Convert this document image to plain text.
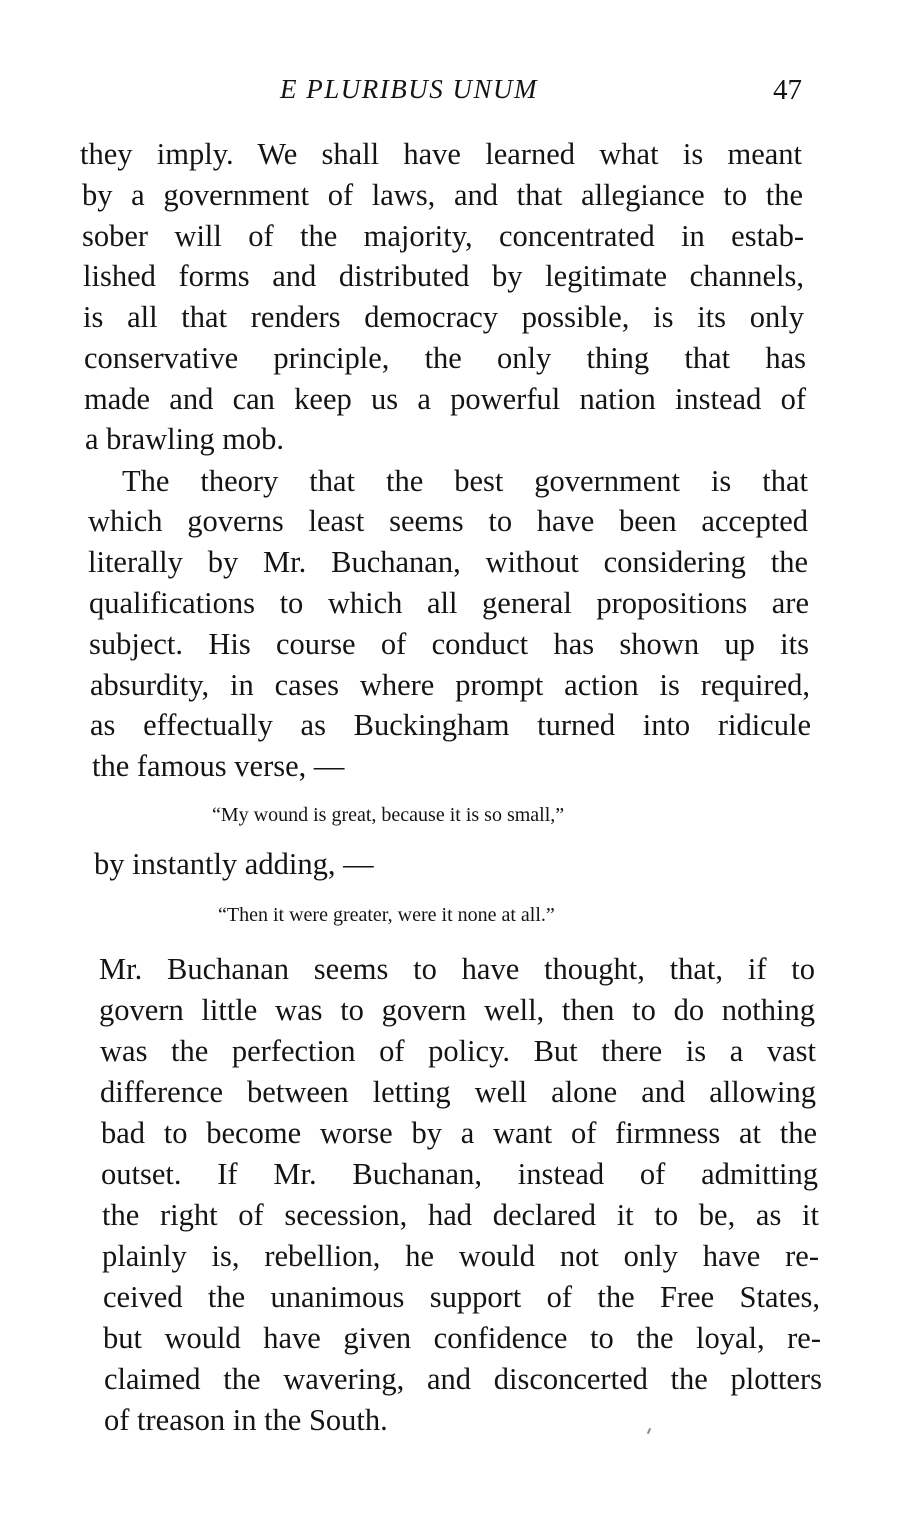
E PLURIBUS UNUM	47
they imply. We shall have learned what is meant
by a government of laws, and that allegiance to the
sober will of the majority, concentrated in estab-
lished forms and distributed by legitimate channels,
is all that renders democracy possible, is its only
conservative principle, the only thing that has
made and can keep us a powerful nation instead of
a brawling mob.
The theory that the best government is that
which governs least seems to have been accepted
literally by Mr. Buchanan, without considering the
qualifications to which all general propositions are
subject. His course of conduct has shown up its
absurdity, in cases where prompt action is required,
as effectually as Buckingham turned into ridicule
the famous verse, —
“My wound is great, because it is so small,”
by instantly adding, —
“Then it were greater, were it none at all.”
Mr. Buchanan seems to have thought, that, if to
govern little was to govern well, then to do nothing
was the perfection of policy. But there is a vast
difference between letting well alone and allowing
bad to become worse by a want of firmness at the
outset. If Mr. Buchanan, instead of admitting
the right of secession, had declared it to be, as it
plainly is, rebellion, he would not only have re-
ceived the unanimous support of the Free States,
but would have given confidence to the loyal, re-
claimed the wavering, and disconcerted the plotters
of treason in the South.
